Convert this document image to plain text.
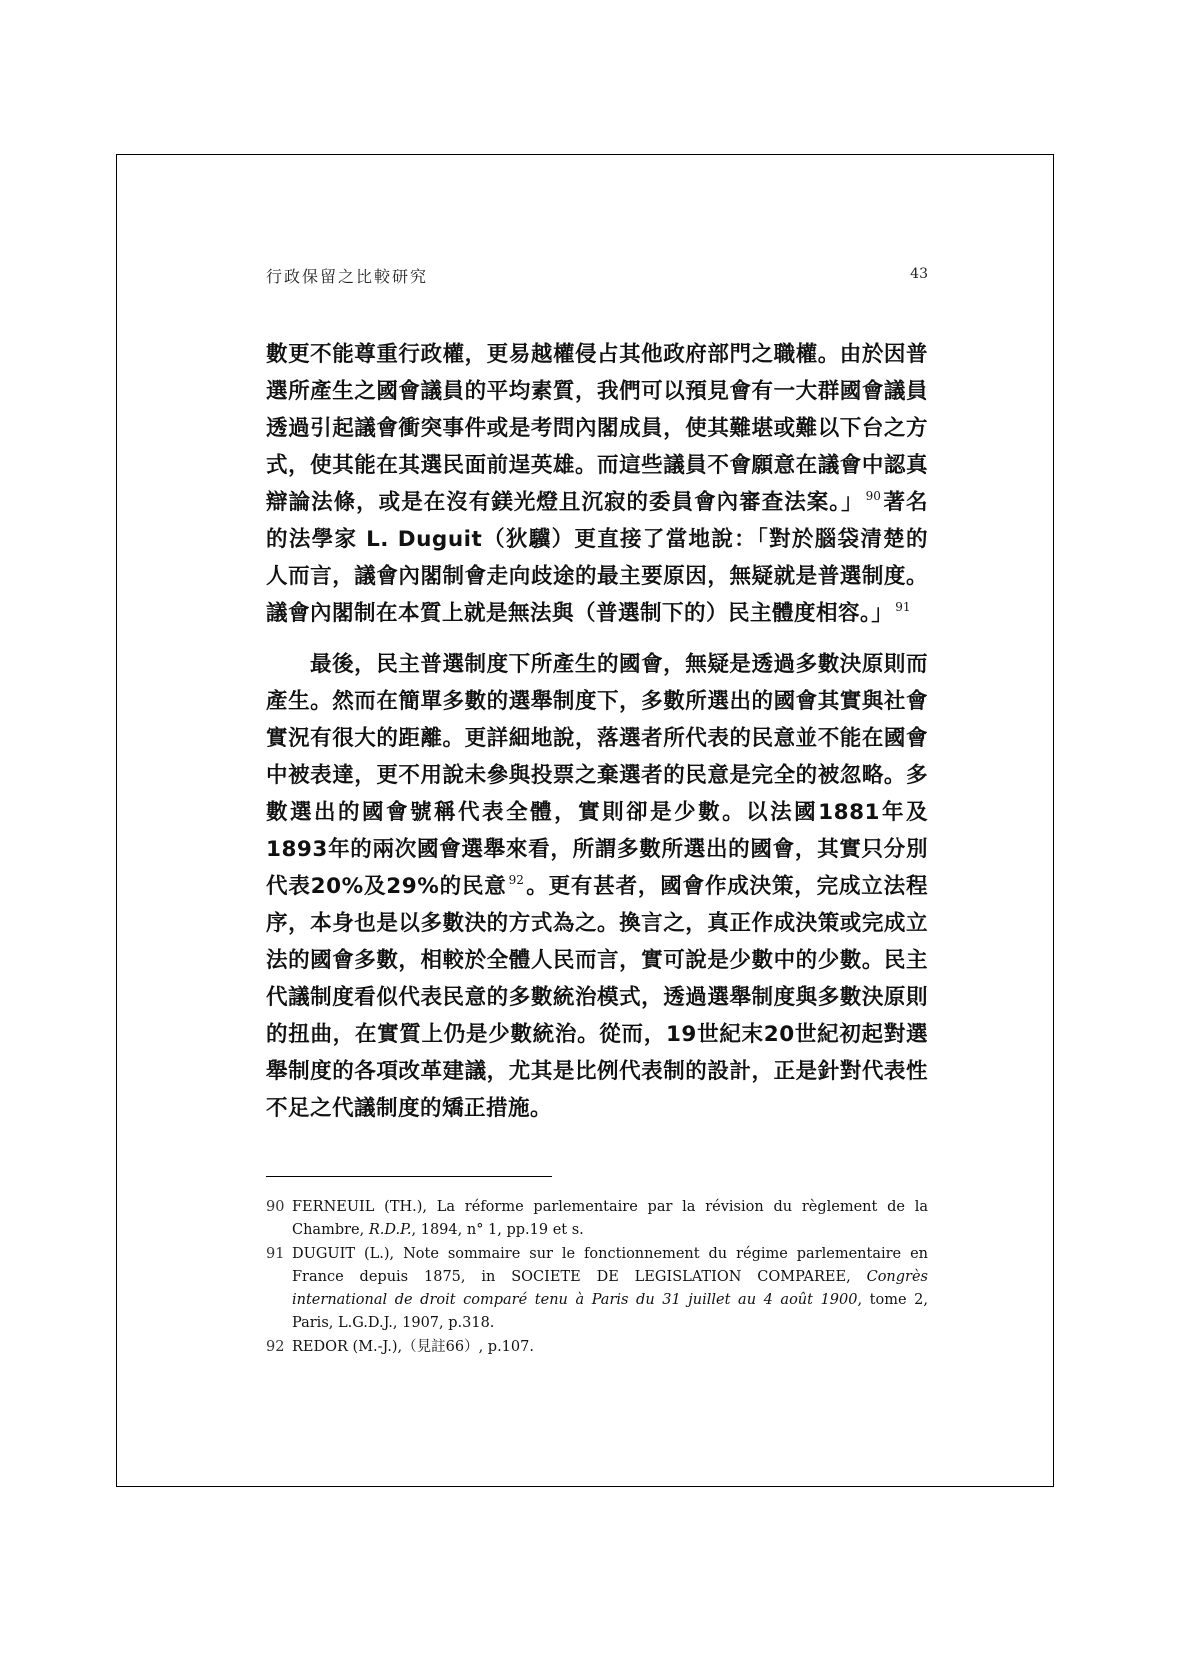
行政保留之比較研究	43

數更不能尊重行政權，更易越權侵占其他政府部門之職權。由於因普選所產生之國會議員的平均素質，我們可以預見會有一大群國會議員透過引起議會衝突事件或是考問內閣成員，使其難堪或難以下台之方式，使其能在其選民面前逞英雄。而這些議員不會願意在議會中認真辯論法條，或是在沒有鎂光燈且沉寂的委員會內審查法案。」 $^{90}$著名的法學家 L. Duguit（狄驥）更直接了當地說：「對於腦袋清楚的人而言，議會內閣制會走向歧途的最主要原因，無疑就是普選制度。議會內閣制在本質上就是無法與（普選制下的）民主體度相容。」 $^{91}$

最後，民主普選制度下所產生的國會，無疑是透過多數決原則而產生。然而在簡單多數的選舉制度下，多數所選出的國會其實與社會實況有很大的距離。更詳細地說，落選者所代表的民意並不能在國會中被表達，更不用說未參與投票之棄選者的民意是完全的被忽略。多數選出的國會號稱代表全體，實則卻是少數。以法國1881年及1893年的兩次國會選舉來看，所謂多數所選出的國會，其實只分別代表20%及29%的民意 $^{92}$。更有甚者，國會作成決策，完成立法程序，本身也是以多數決的方式為之。換言之，真正作成決策或完成立法的國會多數，相較於全體人民而言，實可說是少數中的少數。民主代議制度看似代表民意的多數統治模式，透過選舉制度與多數決原則的扭曲，在實質上仍是少數統治。從而，19世紀末20世紀初起對選舉制度的各項改革建議，尤其是比例代表制的設計，正是針對代表性不足之代議制度的矯正措施。

90 FERNEUIL (TH.), La réforme parlementaire par la révision du règlement de la Chambre, R.D.P., 1894, n° 1, pp.19 et s.
91 DUGUIT (L.), Note sommaire sur le fonctionnement du régime parlementaire en France depuis 1875, in SOCIETE DE LEGISLATION COMPAREE, Congrès international de droit comparé tenu à Paris du 31 juillet au 4 août 1900, tome 2, Paris, L.G.D.J., 1907, p.318.
92 REDOR (M.-J.),（見註66）, p.107.
